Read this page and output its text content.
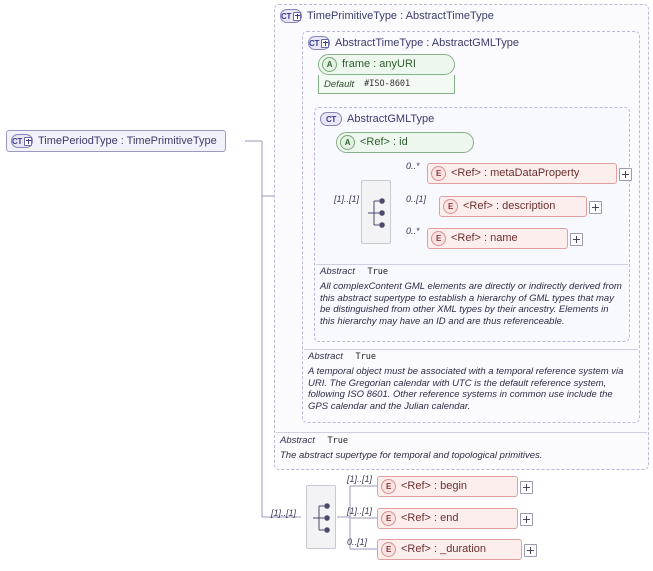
CT	TimePeriodType : TimePrimitiveType
CT	TimePrimitiveType : AbstractTimeType
Abstract True
The abstract supertype for temporal and topological primitives.
CT	AbstractTimeType : AbstractGMLType
A frame : anyURI
Default #ISO-8601
Abstract True
A temporal object must be associated with a temporal reference system via URI. The Gregorian calendar with UTC is the default reference system, following ISO 8601. Other reference systems in common use include the GPS calendar and the Julian calendar.
CT AbstractGMLType
A <Ref> : id
[1]..[1]
0..*
E <Ref> : metaDataProperty
0..[1]
E <Ref> : description
0..*
E <Ref> : name
Abstract True
All complexContent GML elements are directly or indirectly derived from this abstract supertype to establish a hierarchy of GML types that may be distinguished from other XML types by their ancestry. Elements in this hierarchy may have an ID and are thus referenceable.
[1]..[1]
[1]..[1]
E <Ref> : begin
[1]..[1]
E <Ref> : end
0..[1]
E <Ref> : _duration
